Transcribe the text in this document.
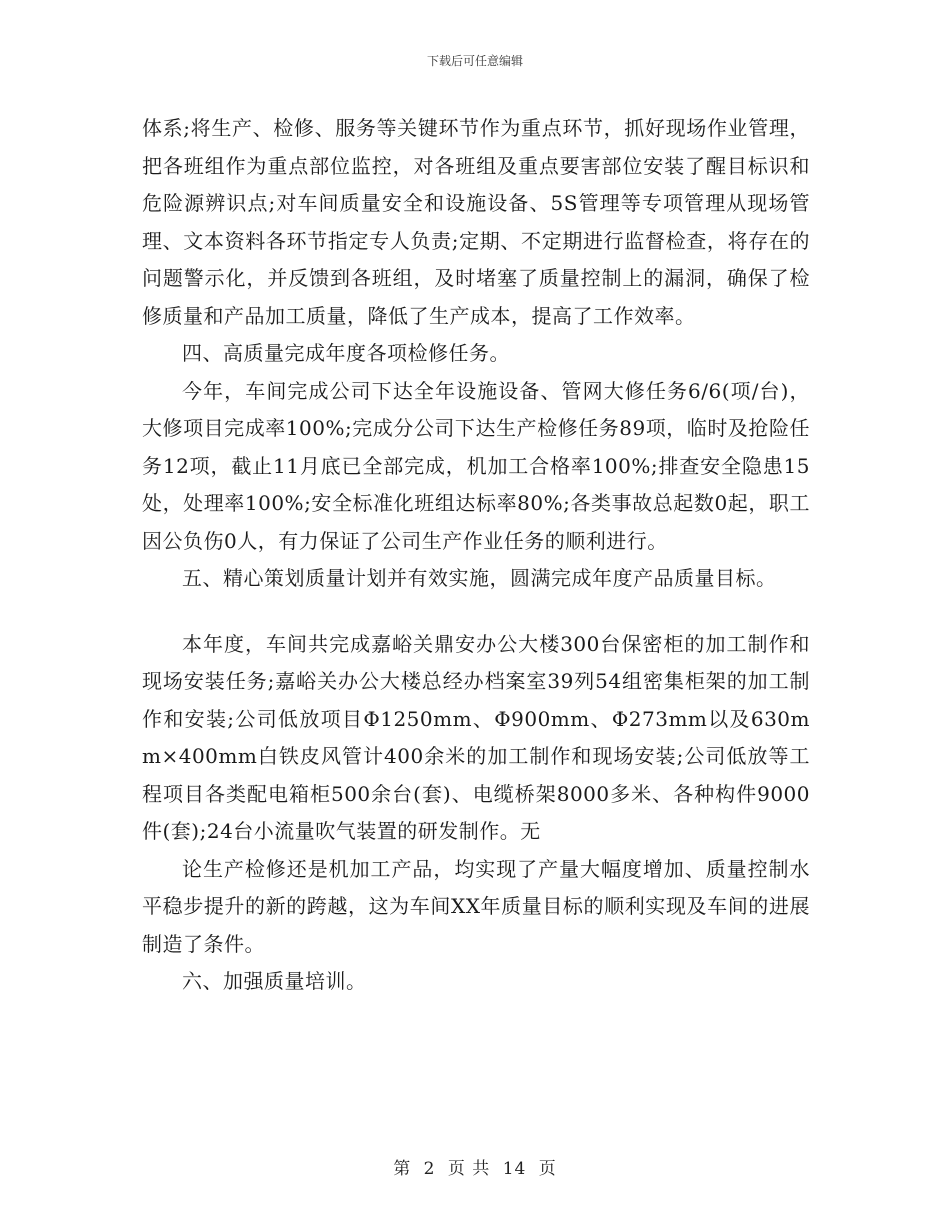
下载后可任意编辑

体系;将生产、检修、服务等关键环节作为重点环节，抓好现场作业管理，把各班组作为重点部位监控，对各班组及重点要害部位安装了醒目标识和危险源辨识点;对车间质量安全和设施设备、5S管理等专项管理从现场管理、文本资料各环节指定专人负责;定期、不定期进行监督检查，将存在的问题警示化，并反馈到各班组，及时堵塞了质量控制上的漏洞，确保了检修质量和产品加工质量，降低了生产成本，提高了工作效率。

四、高质量完成年度各项检修任务。

今年，车间完成公司下达全年设施设备、管网大修任务6/6(项/台)，大修项目完成率100%;完成分公司下达生产检修任务89项，临时及抢险任务12项，截止11月底已全部完成，机加工合格率100%;排查安全隐患15处，处理率100%;安全标准化班组达标率80%;各类事故总起数0起，职工因公负伤0人，有力保证了公司生产作业任务的顺利进行。

五、精心策划质量计划并有效实施，圆满完成年度产品质量目标。

本年度，车间共完成嘉峪关鼎安办公大楼300台保密柜的加工制作和现场安装任务;嘉峪关办公大楼总经办档案室39列54组密集柜架的加工制作和安装;公司低放项目Φ1250mm、Φ900mm、Φ273mm以及630mm×400mm白铁皮风管计400余米的加工制作和现场安装;公司低放等工程项目各类配电箱柜500余台(套)、电缆桥架8000多米、各种构件9000件(套);24台小流量吹气装置的研发制作。无

论生产检修还是机加工产品，均实现了产量大幅度增加、质量控制水平稳步提升的新的跨越，这为车间XX年质量目标的顺利实现及车间的进展制造了条件。

六、加强质量培训。

第 2 页 共 14 页
